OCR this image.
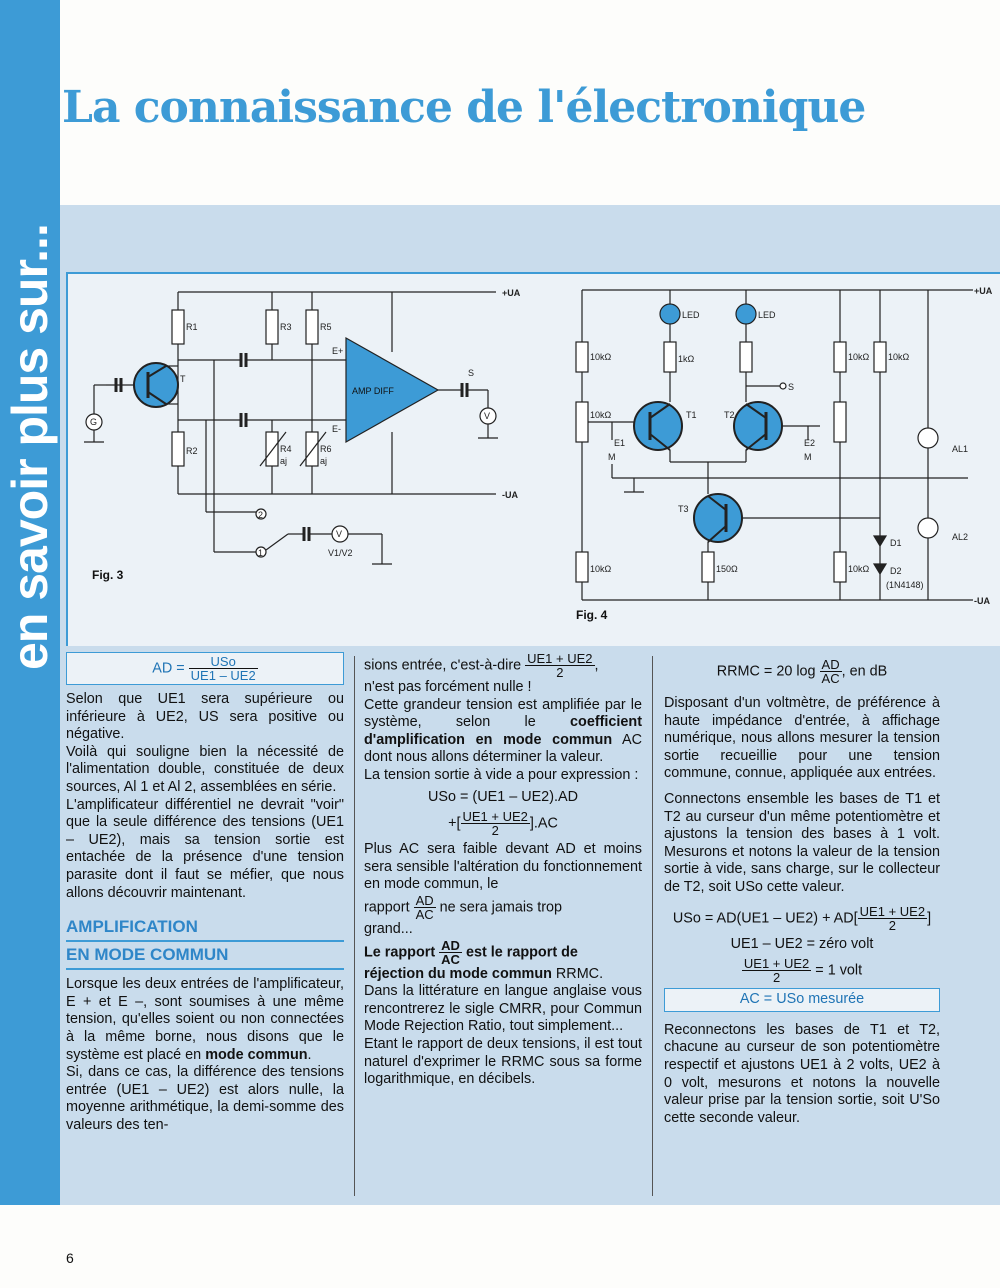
en savoir plus sur...
La connaissance de l'électronique
+UA
-UA
R1
R2
T
G
R3	R5
R4
aj
R6
aj
E+
E-
AMP DIFF
S
V
2
1
V
V1/V2
Fig. 3
+UA
-UA
10kΩ
10kΩ
10kΩ
E1
M
LED
1kΩ
T1
LED
S
T2
E2
M
T3
150Ω
10kΩ
10kΩ
10kΩ
D1
D2
(1N4148)
AL1
AL2
Fig. 4
AD = $\frac{\text{USo}}{UE1 - UE2}$

Selon que UE1 sera supérieure ou inférieure à UE2, US sera positive ou négative.

Voilà qui souligne bien la nécessité de l'alimentation double, constituée de deux sources, Al 1 et Al 2, assemblées en série.

L'amplificateur différentiel ne devrait "voir" que la seule différence des tensions (UE1 – UE2), mais sa tension sortie est entachée de la présence d'une tension parasite dont il faut se méfier, que nous allons découvrir maintenant.

AMPLIFICATION
EN MODE COMMUN

Lorsque les deux entrées de l'amplificateur, E + et E –, sont soumises à une même tension, qu'elles soient ou non connectées à la même borne, nous disons que le système est placé en mode commun.

Si, dans ce cas, la différence des tensions entrée (UE1 – UE2) est alors nulle, la moyenne arithmétique, la demi-somme des valeurs des ten-

sions entrée, c'est-à-dire $\frac{UE1 + UE2}{2}$ ,

n'est pas forcément nulle !

Cette grandeur tension est amplifiée par le système, selon le coefficient d'amplification en mode commun AC dont nous allons déterminer la valeur.

La tension sortie à vide a pour expression :

USo = (UE1 – UE2).AD
+[ $\frac{UE1 + UE2}{2} ].AC$

Plus AC sera faible devant AD et moins sera sensible l'altération du fonctionnement en mode commun, le

rapport $\frac{AD}{AC}$ ne sera jamais trop

grand...

Le rapport $\frac{AD}{AC}$ est le rapport de

réjection du mode commun RRMC.

Dans la littérature en langue anglaise vous rencontrerez le sigle CMRR, pour Commun Mode Rejection Ratio, tout simplement...

Etant le rapport de deux tensions, il est tout naturel d'exprimer le RRMC sous sa forme logarithmique, en décibels.

RRMC = 20 $\log \frac{AD}{AC}$ , en dB

Disposant d'un voltmètre, de préférence à haute impédance d'entrée, à affichage numérique, nous allons mesurer la tension sortie recueillie pour une tension commune, connue, appliquée aux entrées.

Connectons ensemble les bases de T1 et T2 au curseur d'un même potentiomètre et ajustons la tension des bases à 1 volt. Mesurons et notons la valeur de la tension sortie à vide, sans charge, sur le collecteur de T2, soit USo cette valeur.

USo = $AD(UE1 - UE2) + AD[ \frac{UE1 + UE2}{2}$ ]
UE1 – UE2 = zéro volt
$\frac{UE1 + UE2}{2} = 1$ volt
AC = USo mesurée

Reconnectons les bases de T1 et T2, chacune au curseur de son potentiomètre respectif et ajustons UE1 à 2 volts, UE2 à 0 volt, mesurons et notons la nouvelle valeur prise par la tension sortie, soit U'So cette seconde valeur.

6
